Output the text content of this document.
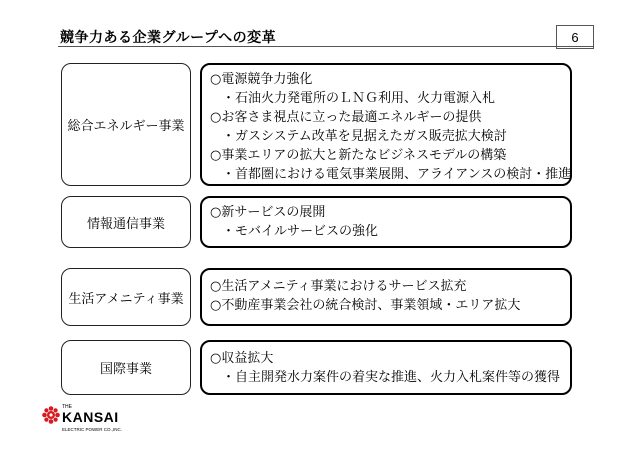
競争力ある企業グループへの変革	6
総合エネルギー事業
○電源競争力強化
・石油火力発電所のＬＮＧ利用、火力電源入札
○お客さま視点に立った最適エネルギーの提供
・ガスシステム改革を見据えたガス販売拡大検討
○事業エリアの拡大と新たなビジネスモデルの構築
・首都圏における電気事業展開、アライアンスの検討・推進
情報通信事業
○新サービスの展開
・モバイルサービスの強化
生活アメニティ事業
○生活アメニティ事業におけるサービス拡充
○不動産事業会社の統合検討、事業領域・エリア拡大
国際事業
○収益拡大
・自主開発水力案件の着実な推進、火力入札案件等の獲得
THE
KANSAI
ELECTRIC POWER CO.,INC.
